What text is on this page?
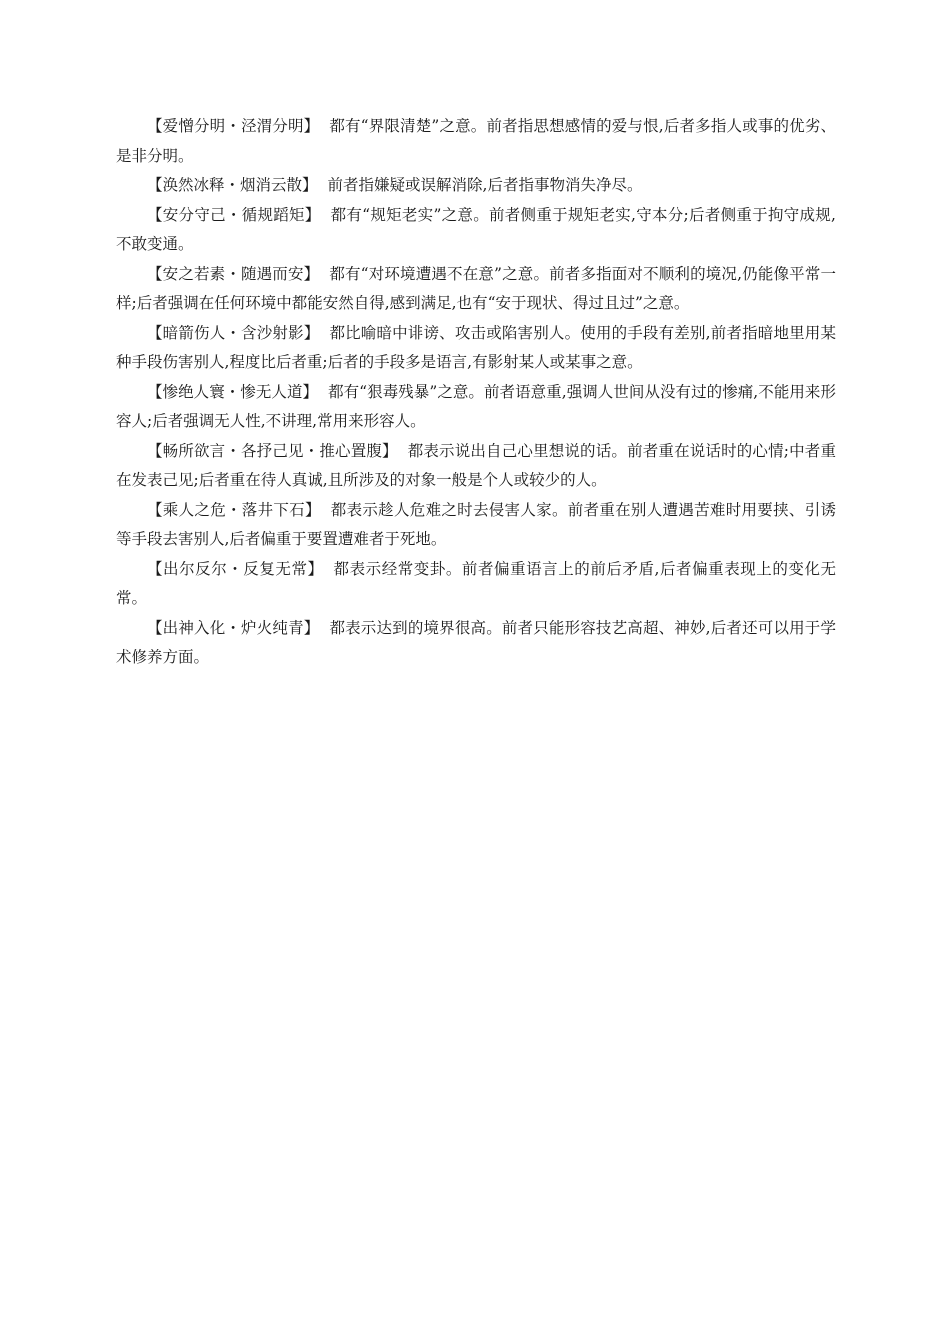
【爱憎分明・泾渭分明】 都有“界限清楚”之意。前者指思想感情的爱与恨,后者多指人或事的优劣、是非分明。

【涣然冰释・烟消云散】 前者指嫌疑或误解消除,后者指事物消失净尽。

【安分守己・循规蹈矩】 都有“规矩老实”之意。前者侧重于规矩老实,守本分;后者侧重于拘守成规,不敢变通。

【安之若素・随遇而安】 都有“对环境遭遇不在意”之意。前者多指面对不顺利的境况,仍能像平常一样;后者强调在任何环境中都能安然自得,感到满足,也有“安于现状、得过且过”之意。

【暗箭伤人・含沙射影】 都比喻暗中诽谤、攻击或陷害别人。使用的手段有差别,前者指暗地里用某种手段伤害别人,程度比后者重;后者的手段多是语言,有影射某人或某事之意。

【惨绝人寰・惨无人道】 都有“狠毒残暴”之意。前者语意重,强调人世间从没有过的惨痛,不能用来形容人;后者强调无人性,不讲理,常用来形容人。

【畅所欲言・各抒己见・推心置腹】 都表示说出自己心里想说的话。前者重在说话时的心情;中者重在发表己见;后者重在待人真诚,且所涉及的对象一般是个人或较少的人。

【乘人之危・落井下石】 都表示趁人危难之时去侵害人家。前者重在别人遭遇苦难时用要挟、引诱等手段去害别人,后者偏重于要置遭难者于死地。

【出尔反尔・反复无常】 都表示经常变卦。前者偏重语言上的前后矛盾,后者偏重表现上的变化无常。

【出神入化・炉火纯青】 都表示达到的境界很高。前者只能形容技艺高超、神妙,后者还可以用于学术修养方面。
